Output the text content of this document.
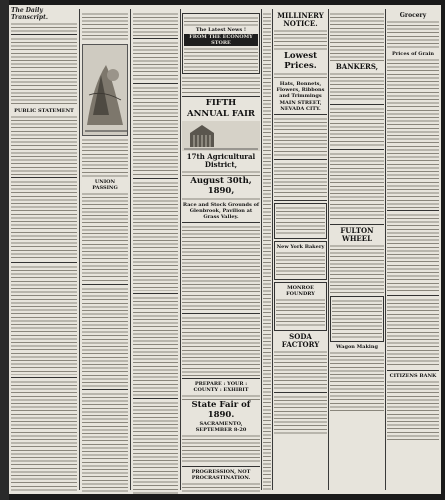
The Daily Transcript.
PUBLIC STATEMENT
UNION PASSING
The Latest News !
FROM THE ECONOMY STORE
FIFTH
ANNUAL FAIR
17th Agricultural District,
August 30th, 1890,
Race and Stock Grounds of Glenbrook, Pavilion at Grass Valley.
PREPARE : YOUR : COUNTY : EXHIBIT
State Fair of 1890.
SACRAMENTO, SEPTEMBER 8-20
PROGRESSION, NOT PROCRASTINATION.
MILLINERY NOTICE.
Lowest Prices.
Hats, Bonnets, Flowers, Ribbons and Trimmings
MAIN STREET, NEVADA CITY.
New York Bakery
MONROE FOUNDRY
SODA FACTORY
BANKERS,
FULTON WHEEL
Wagon Making
Grocery
Prices of Grain
CITIZENS BANK
